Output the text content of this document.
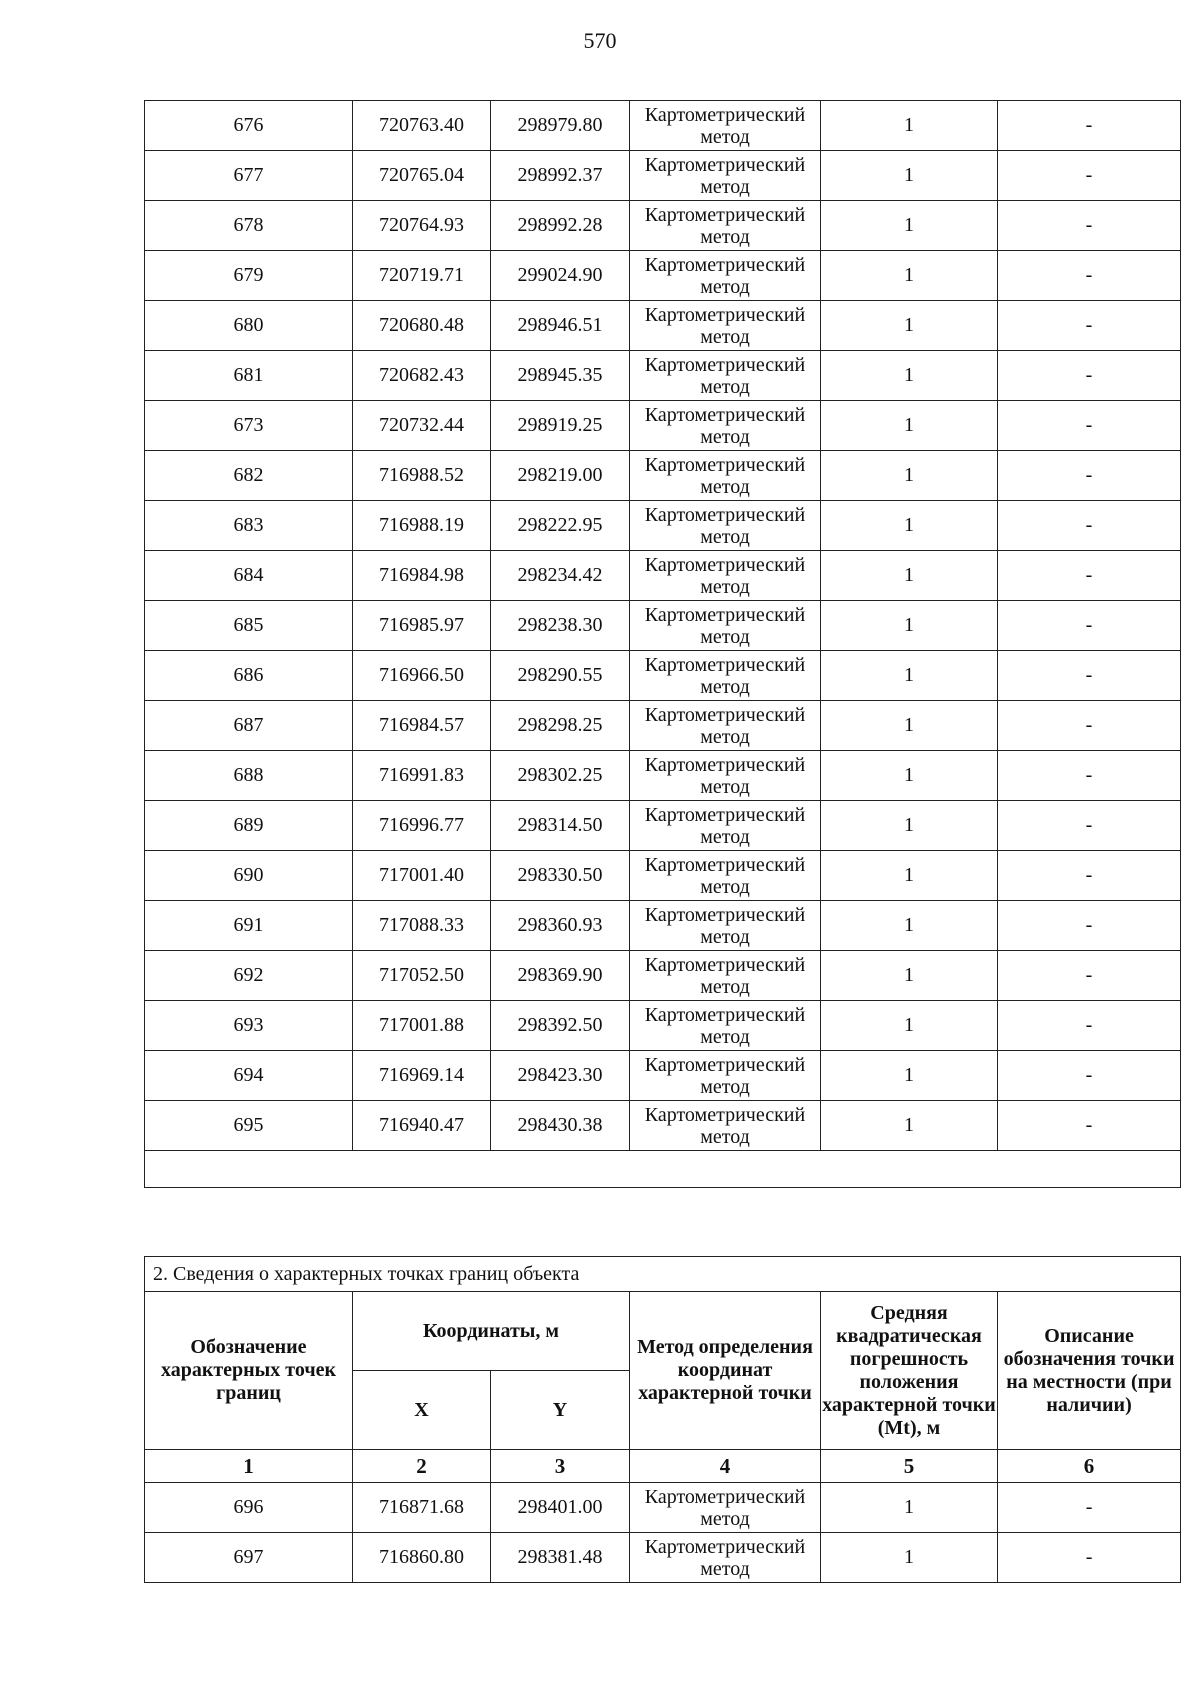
570
676	720763.40	298979.80	Картометрический метод	1	-
677	720765.04	298992.37	Картометрический метод	1	-
678	720764.93	298992.28	Картометрический метод	1	-
679	720719.71	299024.90	Картометрический метод	1	-
680	720680.48	298946.51	Картометрический метод	1	-
681	720682.43	298945.35	Картометрический метод	1	-
673	720732.44	298919.25	Картометрический метод	1	-
682	716988.52	298219.00	Картометрический метод	1	-
683	716988.19	298222.95	Картометрический метод	1	-
684	716984.98	298234.42	Картометрический метод	1	-
685	716985.97	298238.30	Картометрический метод	1	-
686	716966.50	298290.55	Картометрический метод	1	-
687	716984.57	298298.25	Картометрический метод	1	-
688	716991.83	298302.25	Картометрический метод	1	-
689	716996.77	298314.50	Картометрический метод	1	-
690	717001.40	298330.50	Картометрический метод	1	-
691	717088.33	298360.93	Картометрический метод	1	-
692	717052.50	298369.90	Картометрический метод	1	-
693	717001.88	298392.50	Картометрический метод	1	-
694	716969.14	298423.30	Картометрический метод	1	-
695	716940.47	298430.38	Картометрический метод	1	-

2. Сведения о характерных точках границ объекта					
Обозначение характерных точек границ	Координаты, м		Метод определения координат характерной точки	Средняя квадратическая погрешность положения характерной точки (Mt), м	Описание обозначения точки на местности (при наличии)
	X	Y			
1	2	3	4	5	6
696	716871.68	298401.00	Картометрический метод	1	-
697	716860.80	298381.48	Картометрический метод	1	-
